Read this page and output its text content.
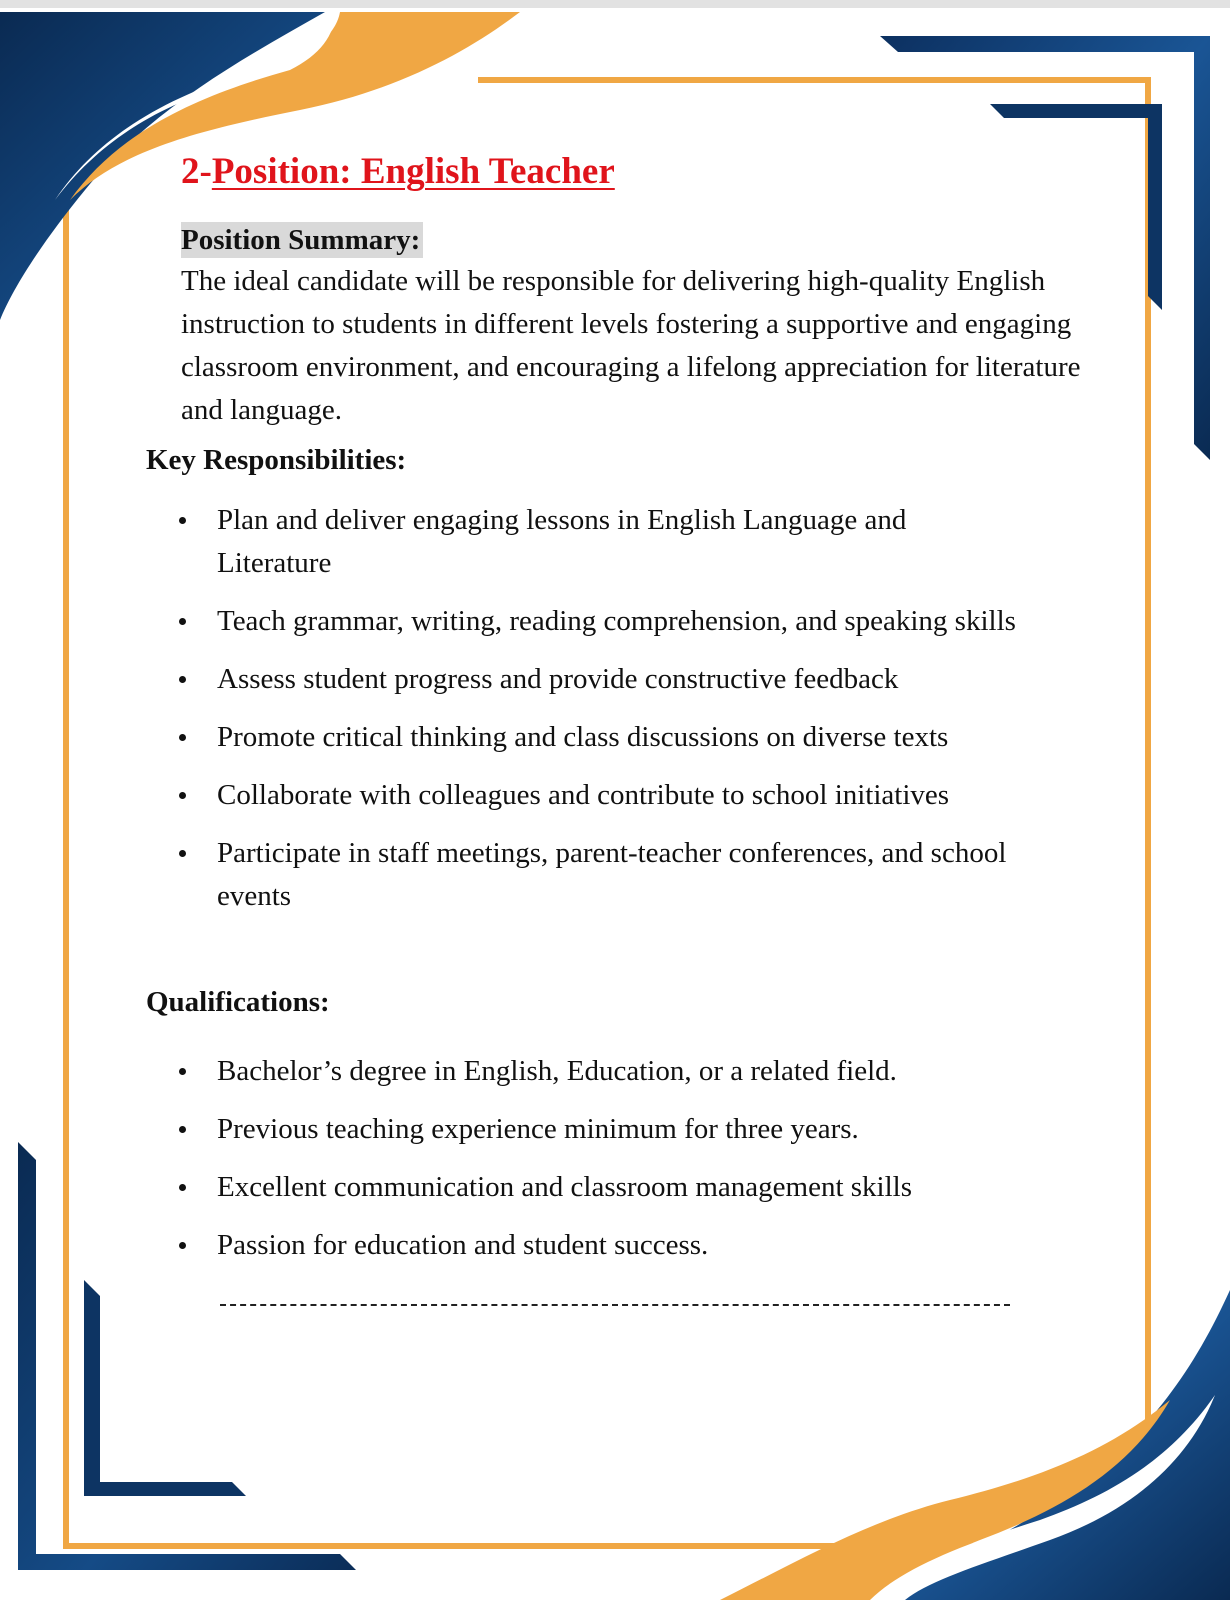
2-Position: English Teacher
Position Summary:

The ideal candidate will be responsible for delivering high-quality English instruction to students in different levels fostering a supportive and engaging classroom environment, and encouraging a lifelong appreciation for literature and language.

Key Responsibilities:
Plan and deliver engaging lessons in English Language and Literature
Teach grammar, writing, reading comprehension, and speaking skills
Assess student progress and provide constructive feedback
Promote critical thinking and class discussions on diverse texts
Collaborate with colleagues and contribute to school initiatives
Participate in staff meetings, parent-teacher conferences, and school events
Qualifications:
Bachelor’s degree in English, Education, or a related field.
Previous teaching experience minimum for three years.
Excellent communication and classroom management skills
Passion for education and student success.
